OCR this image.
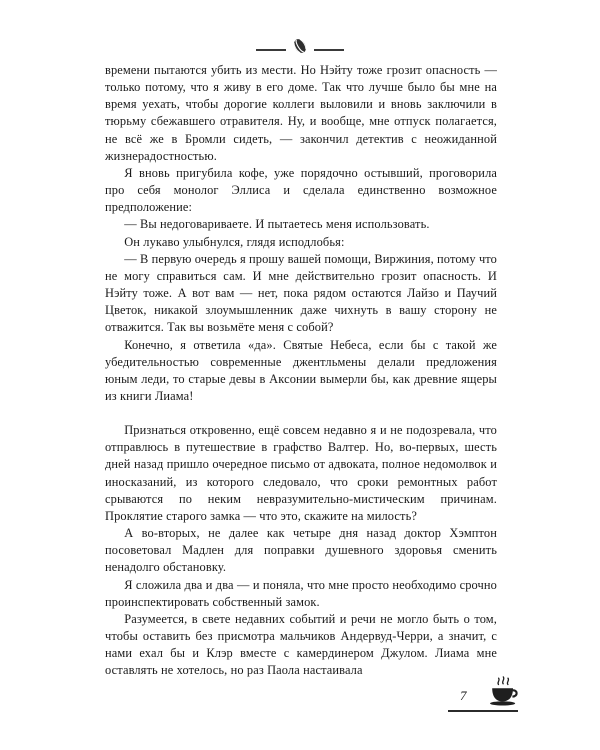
времени пытаются убить из мести. Но Нэйту тоже грозит опасность — только потому, что я живу в его доме. Так что лучше было бы мне на время уехать, чтобы дорогие коллеги выловили и вновь заключили в тюрьму сбежавшего отравителя. Ну, и вообще, мне отпуск полагается, не всё же в Бромли сидеть, — закончил детектив с неожиданной жизнерадостностью.

Я вновь пригубила кофе, уже порядочно остывший, проговорила про себя монолог Эллиса и сделала единственно возможное предположение:

— Вы недоговариваете. И пытаетесь меня использовать.

Он лукаво улыбнулся, глядя исподлобья:

— В первую очередь я прошу вашей помощи, Виржиния, потому что не могу справиться сам. И мне действительно грозит опасность. И Нэйту тоже. А вот вам — нет, пока рядом остаются Лайзо и Паучий Цветок, никакой злоумышленник даже чихнуть в вашу сторону не отважится. Так вы возьмёте меня с собой?

Конечно, я ответила «да». Святые Небеса, если бы с такой же убедительностью современные джентльмены делали предложения юным леди, то старые девы в Аксонии вымерли бы, как древние ящеры из книги Лиама!

Признаться откровенно, ещё совсем недавно я и не подозревала, что отправлюсь в путешествие в графство Валтер. Но, во-первых, шесть дней назад пришло очередное письмо от адвоката, полное недомолвок и иносказаний, из которого следовало, что сроки ремонтных работ срываются по неким невразумительно-мистическим причинам. Проклятие старого замка — что это, скажите на милость?

А во-вторых, не далее как четыре дня назад доктор Хэмптон посоветовал Мадлен для поправки душевного здоровья сменить ненадолго обстановку.

Я сложила два и два — и поняла, что мне просто необходимо срочно проинспектировать собственный замок.

Разумеется, в свете недавних событий и речи не могло быть о том, чтобы оставить без присмотра мальчиков Андервуд-Черри, а значит, с нами ехал бы и Клэр вместе с камердинером Джулом. Лиама мне оставлять не хотелось, но раз Паола настаивала

7
